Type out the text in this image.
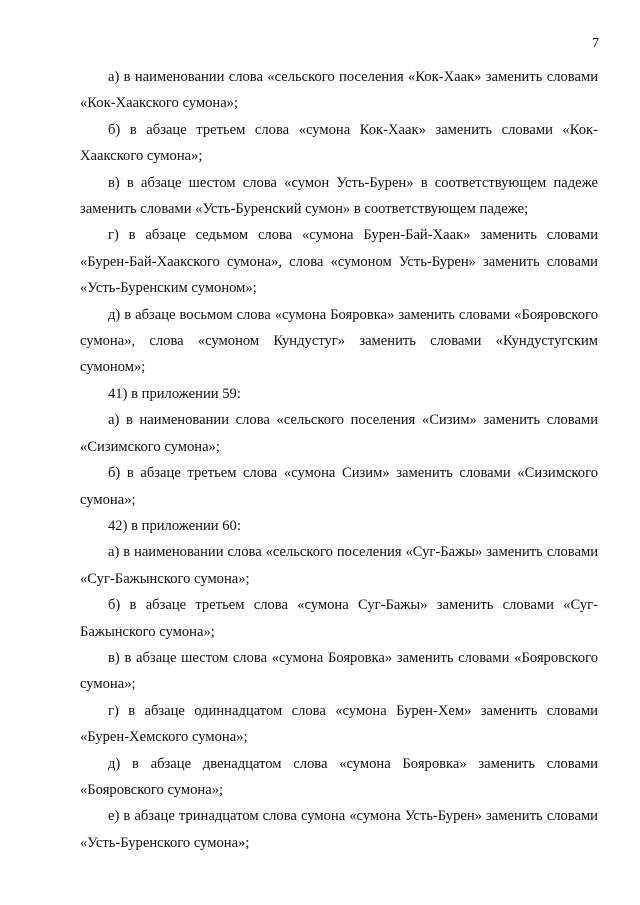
7

а) в наименовании слова «сельского поселения «Кок-Хаак» заменить словами «Кок-Хаакского сумона»;

б) в абзаце третьем слова «сумона Кок-Хаак» заменить словами «Кок-Хаакского сумона»;

в) в абзаце шестом слова «сумон Усть-Бурен» в соответствующем падеже заменить словами «Усть-Буренский сумон» в соответствующем падеже;

г) в абзаце седьмом слова «сумона Бурен-Бай-Хаак» заменить словами «Бурен-Бай-Хаакского сумона», слова «сумоном Усть-Бурен» заменить словами «Усть-Буренским сумоном»;

д) в абзаце восьмом слова «сумона Бояровка» заменить словами «Бояровского сумона», слова «сумоном Кундустуг» заменить словами «Кундустугским сумоном»;

41) в приложении 59:

а) в наименовании слова «сельского поселения «Сизим» заменить словами «Сизимского сумона»;

б) в абзаце третьем слова «сумона Сизим» заменить словами «Сизимского сумона»;

42) в приложении 60:

а) в наименовании слова «сельского поселения «Суг-Бажы» заменить словами «Суг-Бажынского сумона»;

б) в абзаце третьем слова «сумона Суг-Бажы» заменить словами «Суг-Бажынского сумона»;

в) в абзаце шестом слова «сумона Бояровка» заменить словами «Бояровского сумона»;

г) в абзаце одиннадцатом слова «сумона Бурен-Хем» заменить словами «Бурен-Хемского сумона»;

д) в абзаце двенадцатом слова «сумона Бояровка» заменить словами «Бояровского сумона»;

е) в абзаце тринадцатом слова сумона «сумона Усть-Бурен» заменить словами «Усть-Буренского сумона»;
